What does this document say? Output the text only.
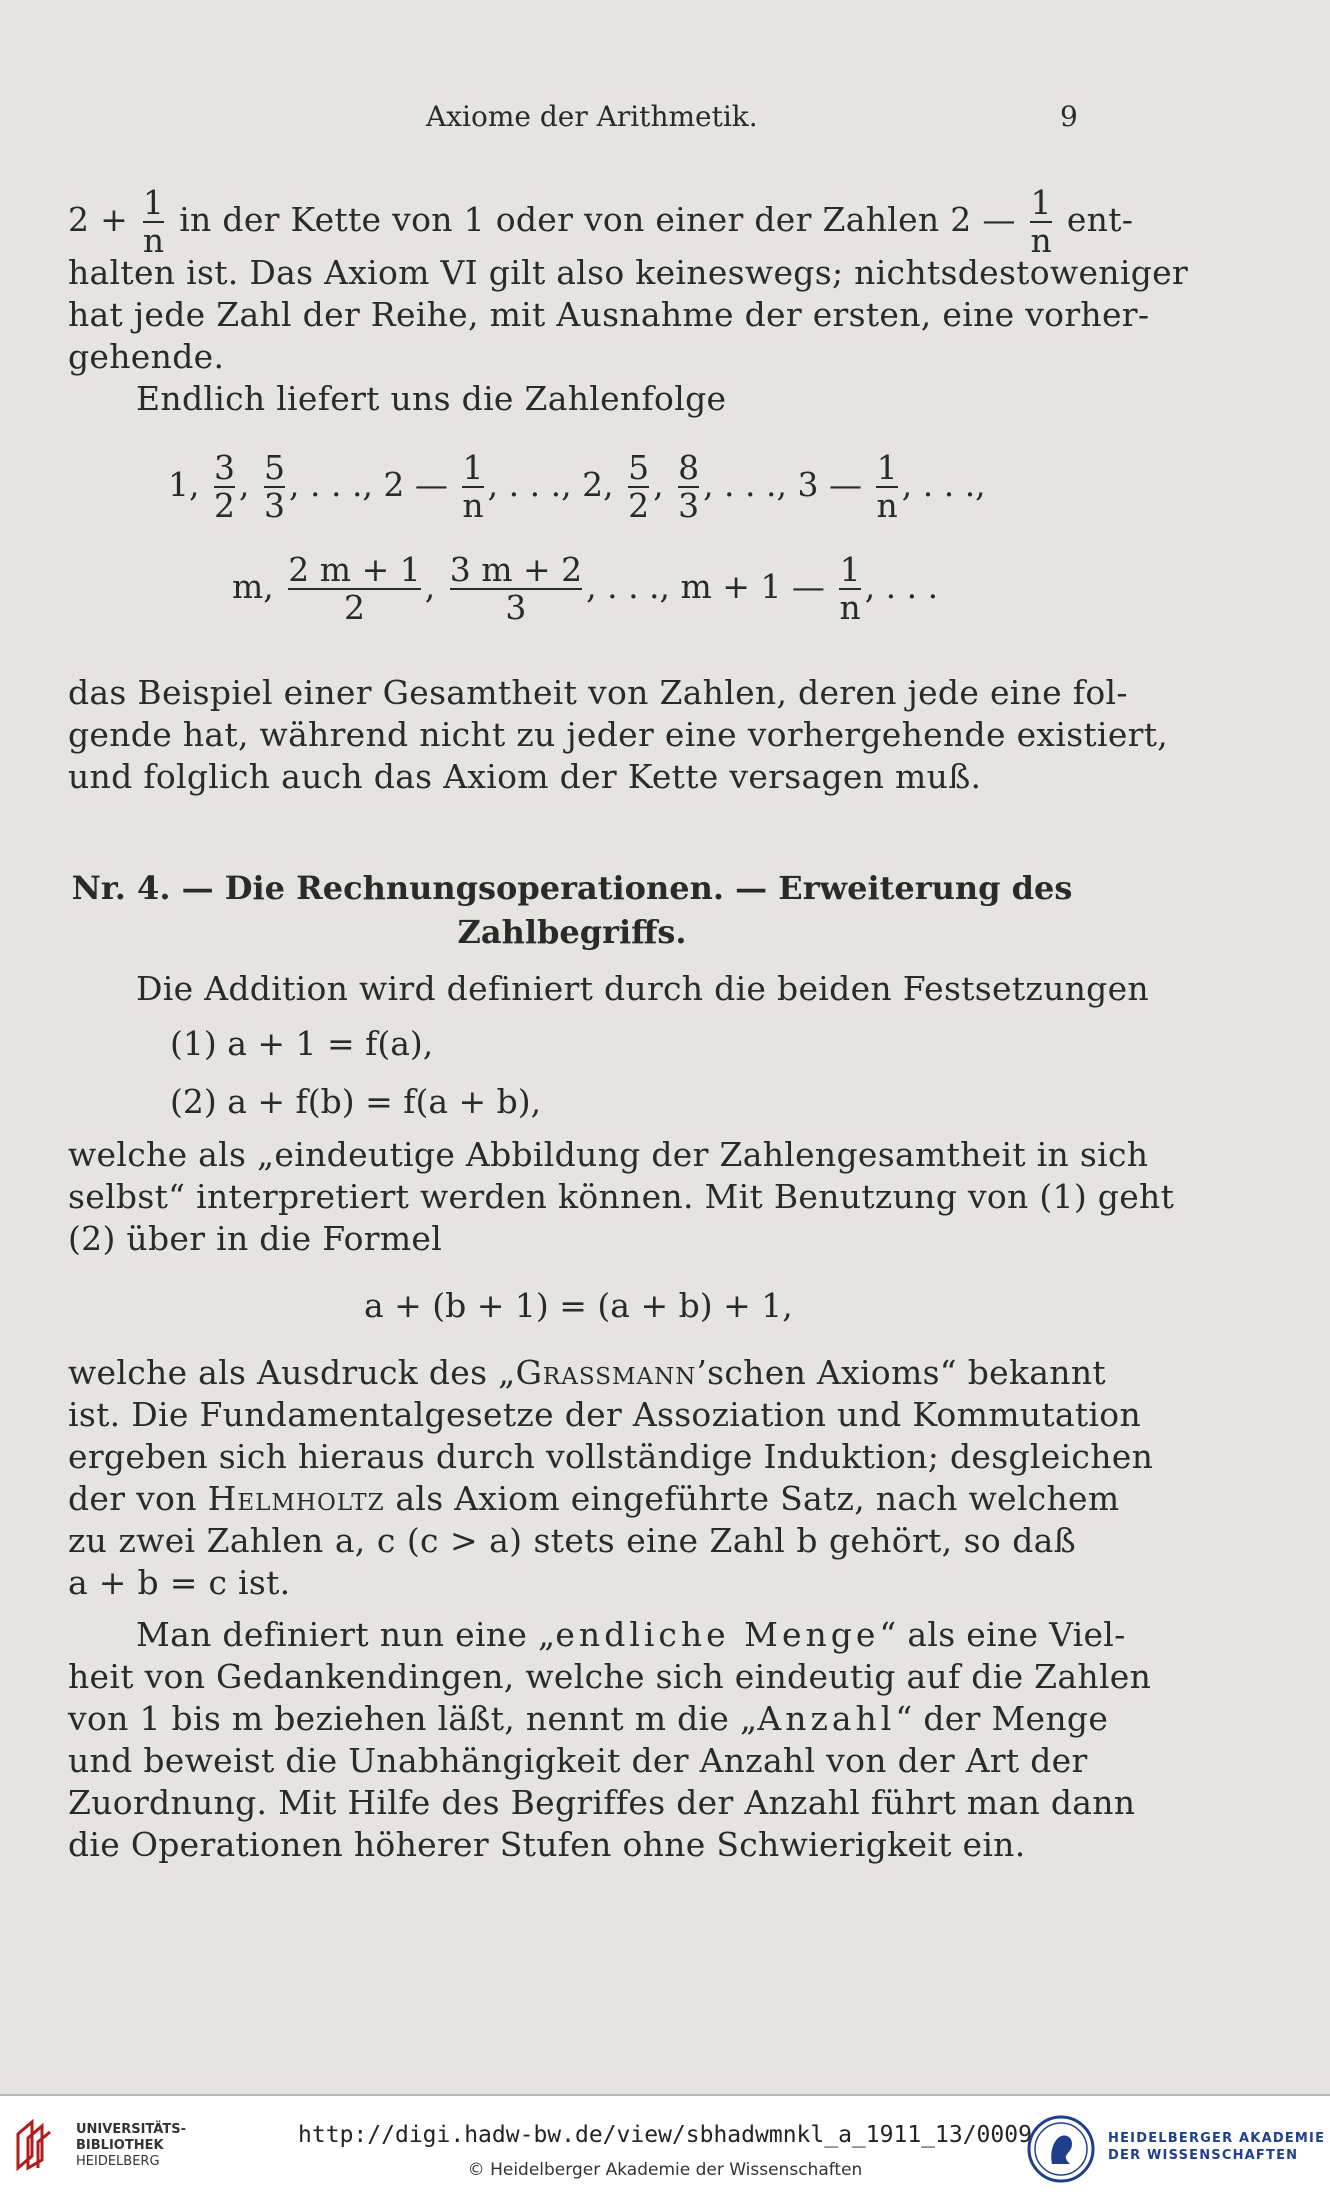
Axiome der Arithmetik.	9
$2 + \frac{1}{n}$ in der Kette von 1 oder von einer der Zahlen 2 — $\frac{1}{n} ent-$
halten ist. Das Axiom VI gilt also keineswegs; nichtsdestoweniger
hat jede Zahl der Reihe, mit Ausnahme der ersten, eine vorher-
gehende.
Endlich liefert uns die Zahlenfolge
1, $\frac{3}{2}$ , $\frac{5}{3}$ , . . ., 2 — $\frac{1}{n}$ , . . ., 2, $\frac{5}{2}$ , $\frac{8}{3}$ , . . ., 3 — $\frac{1}{n}$ , . . .,
m, $\frac{2 m + 1}{2}$ , $\frac{3 m + 2}{3}$ , . . ., m + 1 — $\frac{1}{n}$ , . . .
das Beispiel einer Gesamtheit von Zahlen, deren jede eine fol-
gende hat, während nicht zu jeder eine vorhergehende existiert,
und folglich auch das Axiom der Kette versagen muß.
Nr. 4. — Die Rechnungsoperationen. — Erweiterung des
Zahlbegriffs.
Die Addition wird definiert durch die beiden Festsetzungen
(1) a + 1 = f(a),
(2) a + f(b) = f(a + b),
welche als „eindeutige Abbildung der Zahlengesamtheit in sich
selbst“ interpretiert werden können. Mit Benutzung von (1) geht
(2) über in die Formel
a + (b + 1) = (a + b) + 1,
welche als Ausdruck des „Grassmann’schen Axioms“ bekannt
ist. Die Fundamentalgesetze der Assoziation und Kommutation
ergeben sich hieraus durch vollständige Induktion; desgleichen
der von Helmholtz als Axiom eingeführte Satz, nach welchem
zu zwei Zahlen a, c (c > a) stets eine Zahl b gehört, so daß
a + b = c ist.
Man definiert nun eine „endliche Menge“ als eine Viel-
heit von Gedankendingen, welche sich eindeutig auf die Zahlen
von 1 bis m beziehen läßt, nennt m die „Anzahl“ der Menge
und beweist die Unabhängigkeit der Anzahl von der Art der
Zuordnung. Mit Hilfe des Begriffes der Anzahl führt man dann
die Operationen höherer Stufen ohne Schwierigkeit ein.
UNIVERSITÄTS-
BIBLIOTHEK
HEIDELBERG
http://digi.hadw-bw.de/view/sbhadwmnkl_a_1911_13/0009
© Heidelberger Akademie der Wissenschaften
HEIDELBERGER AKADEMIE
DER WISSENSCHAFTEN
